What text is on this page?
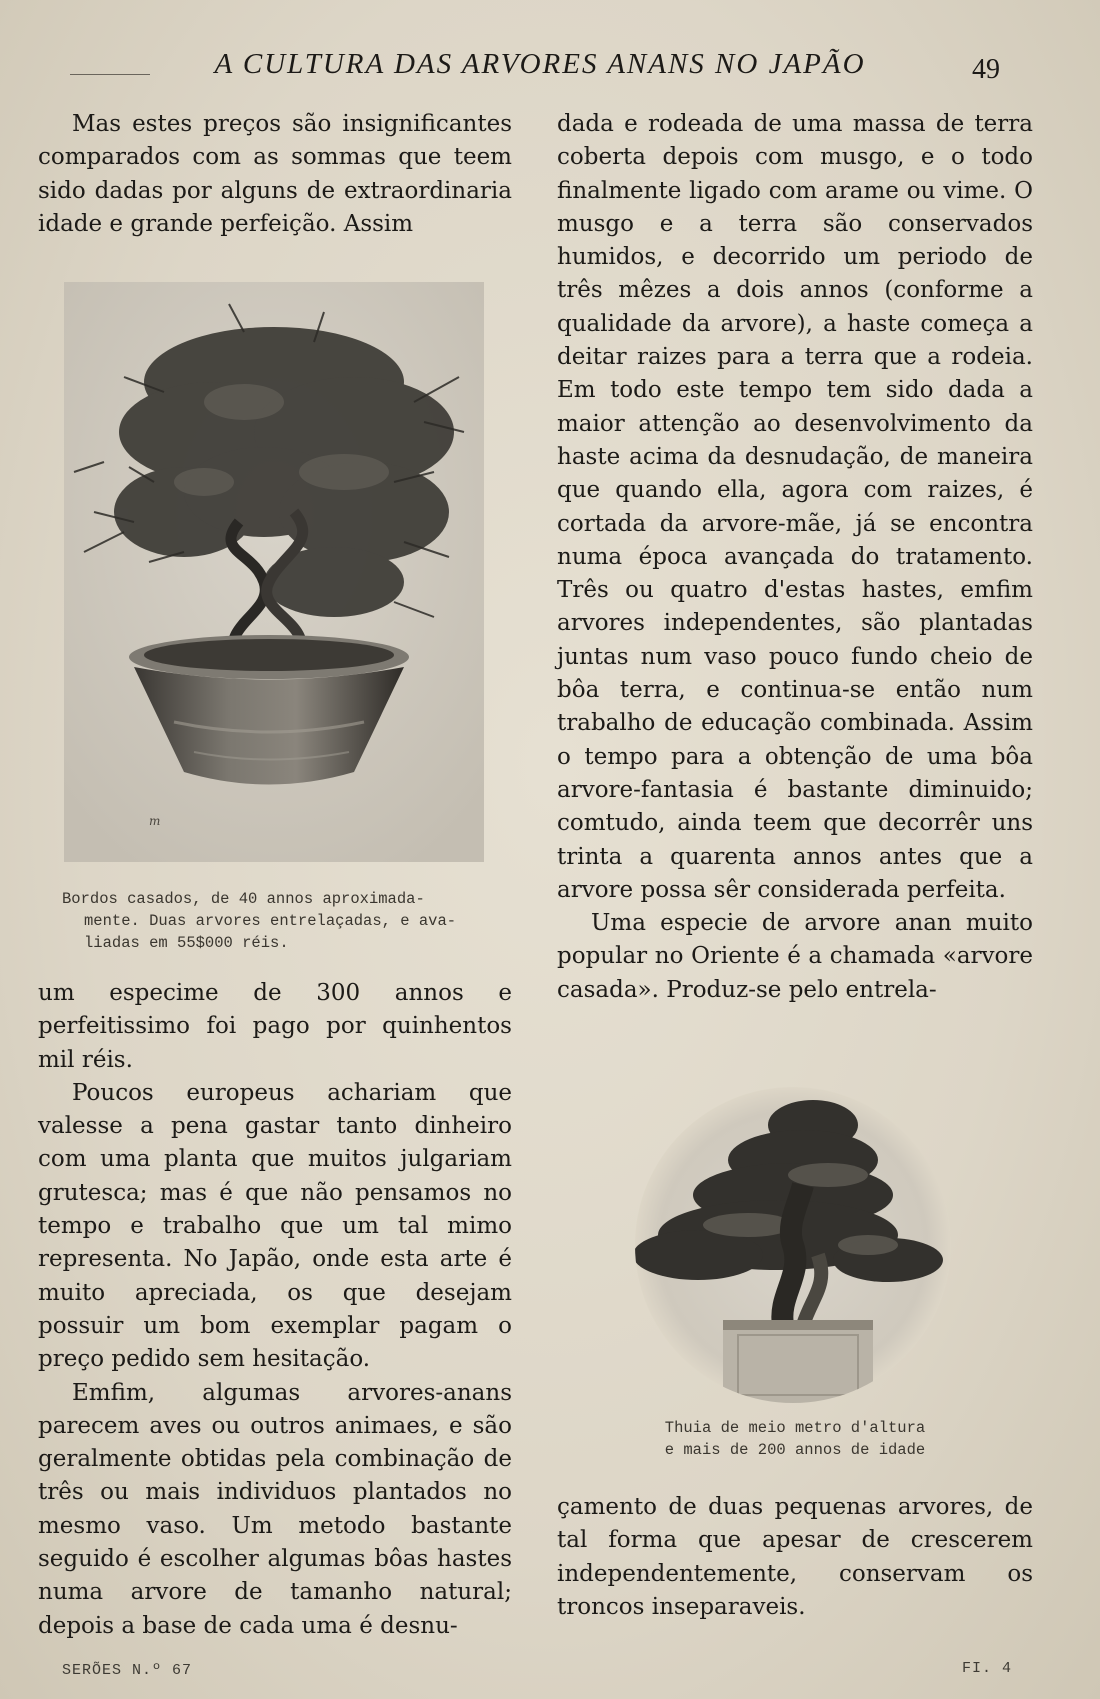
A CULTURA DAS ARVORES ANANS NO JAPÃO	49

Mas estes preços são insignificantes comparados com as sommas que teem sido dadas por alguns de extraordinaria idade e grande perfeição. Assim

m
Bordos casados, de 40 annos aproximada-
mente. Duas arvores entrelaçadas, e ava-
liadas em 55$000 réis.

um especime de 300 annos e perfeitissimo foi pago por quinhentos mil réis.

Poucos europeus achariam que valesse a pena gastar tanto dinheiro com uma planta que muitos julgariam grutesca; mas é que não pensamos no tempo e trabalho que um tal mimo representa. No Japão, onde esta arte é muito apreciada, os que desejam possuir um bom exemplar pagam o preço pedido sem hesitação.

Emfim, algumas arvores-anans parecem aves ou outros animaes, e são geralmente obtidas pela combinação de três ou mais individuos plantados no mesmo vaso. Um metodo bastante seguido é escolher algumas bôas hastes numa arvore de tamanho natural; depois a base de cada uma é desnu-

dada e rodeada de uma massa de terra coberta depois com musgo, e o todo finalmente ligado com arame ou vime. O musgo e a terra são conservados humidos, e decorrido um periodo de três mêzes a dois annos (conforme a qualidade da arvore), a haste começa a deitar raizes para a terra que a rodeia. Em todo este tempo tem sido dada a maior attenção ao desenvolvimento da haste acima da desnudação, de maneira que quando ella, agora com raizes, é cortada da arvore-mãe, já se encontra numa época avançada do tratamento. Três ou quatro d'estas hastes, emfim arvores independentes, são plantadas juntas num vaso pouco fundo cheio de bôa terra, e continua-se então num trabalho de educação combinada. Assim o tempo para a obtenção de uma bôa arvore-fantasia é bastante diminuido; comtudo, ainda teem que decorrêr uns trinta a quarenta annos antes que a arvore possa sêr considerada perfeita.

Uma especie de arvore anan muito popular no Oriente é a chamada «arvore casada». Produz-se pelo entrela-

Thuia de meio metro d'altura
e mais de 200 annos de idade

çamento de duas pequenas arvores, de tal forma que apesar de crescerem independentemente, conservam os troncos inseparaveis.

SERÕES N.º 67	FI. 4
